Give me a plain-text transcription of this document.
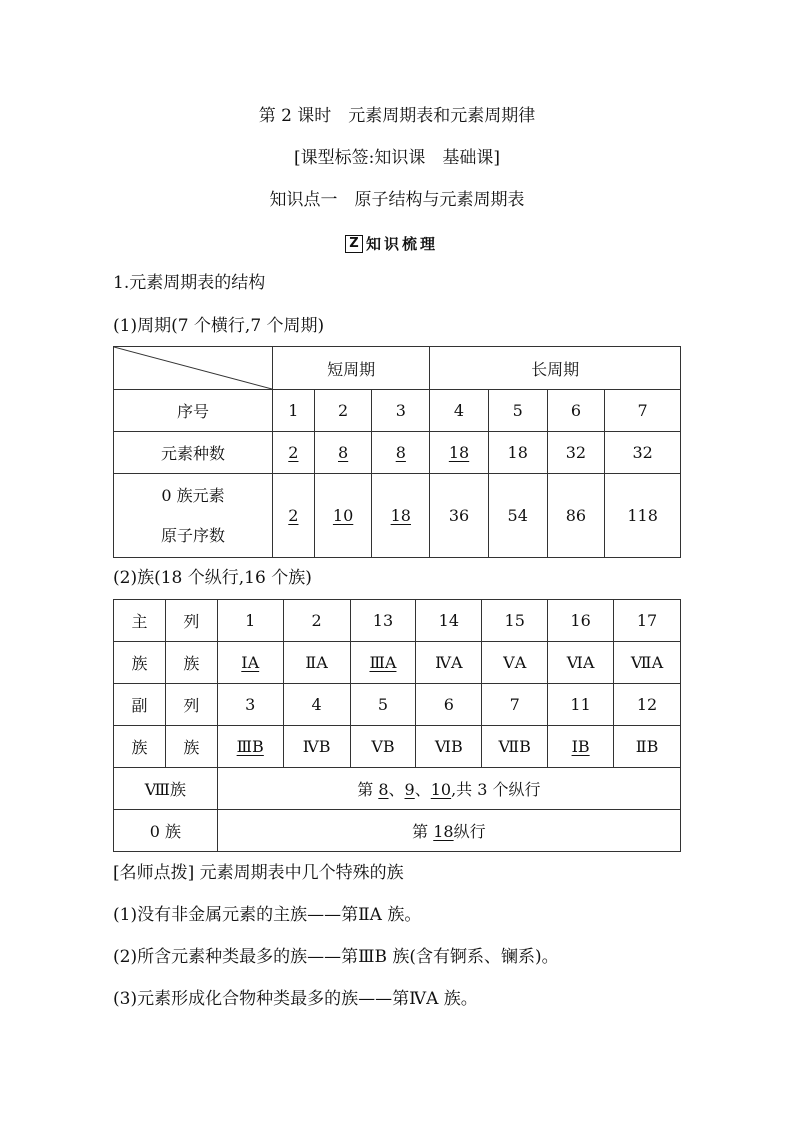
第 2 课时　元素周期表和元素周期律
[课型标签:知识课　基础课]
知识点一　原子结构与元素周期表
Z 知识梳理
1.元素周期表的结构
(1)周期(7 个横行,7 个周期)
	短周期			长周期			
序号	1	2	3	4	5	6	7
元素种数	2	8	8	18	18	32	32

0 族元素
原子序数	2	10	18	36	54	86	118
(2)族(18 个纵行,16 个族)
主	列	1	2	13	14	15	16	17
族	族	ⅠA	ⅡA	ⅢA	ⅣA	ⅤA	ⅥA	ⅦA
副	列	3	4	5	6	7	11	12
族	族	ⅢB	ⅣB	ⅤB	ⅥB	ⅦB	ⅠB	ⅡB
Ⅷ族		第 8、9、10,共 3 个纵行						
0 族		第 18纵行						
[名师点拨] 元素周期表中几个特殊的族
(1)没有非金属元素的主族——第ⅡA 族。
(2)所含元素种类最多的族——第ⅢB 族(含有锕系、镧系)。
(3)元素形成化合物种类最多的族——第ⅣA 族。
